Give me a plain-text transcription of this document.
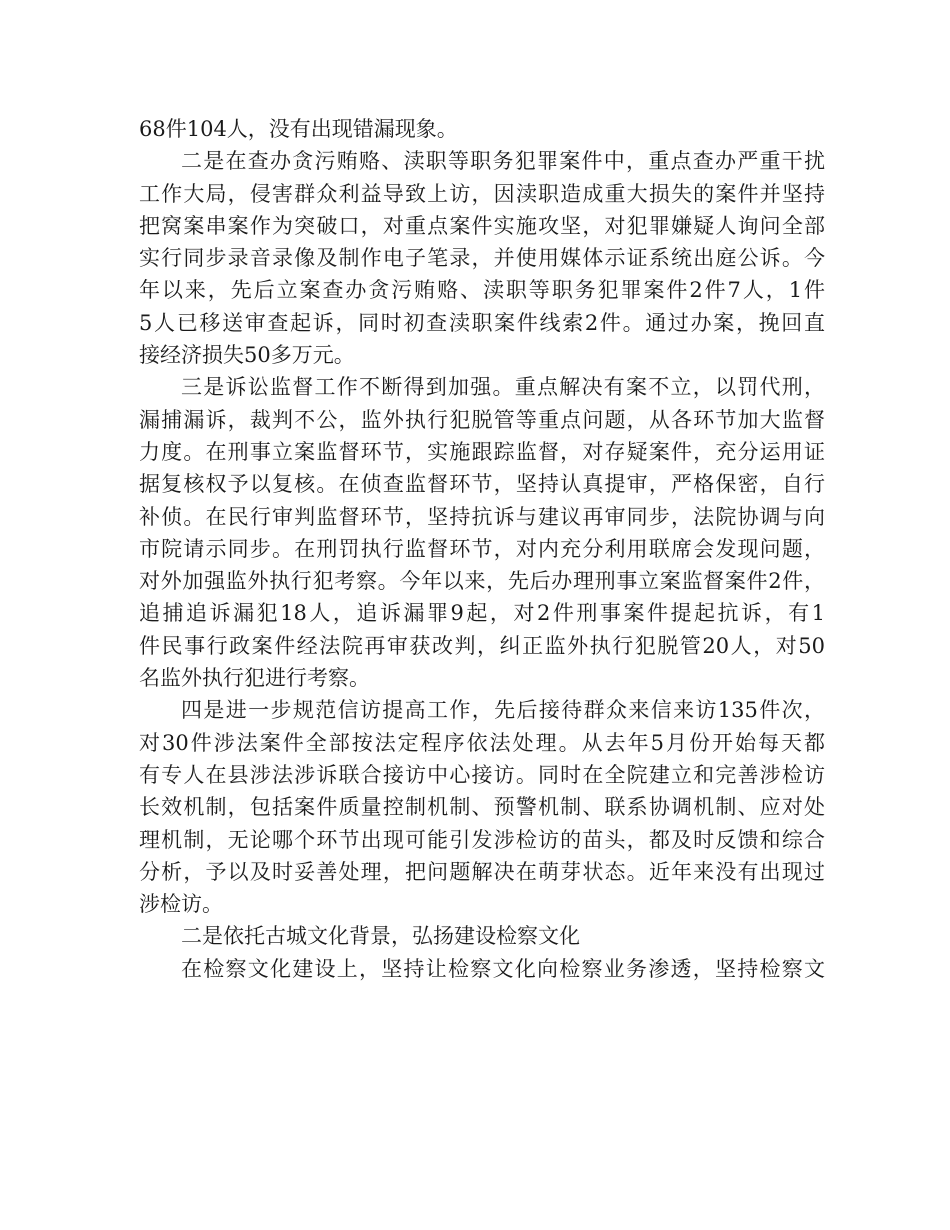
68件104人，没有出现错漏现象。

二是在查办贪污贿赂、渎职等职务犯罪案件中，重点查办严重干扰
工作大局，侵害群众利益导致上访，因渎职造成重大损失的案件并坚持
把窝案串案作为突破口，对重点案件实施攻坚，对犯罪嫌疑人询问全部
实行同步录音录像及制作电子笔录，并使用媒体示证系统出庭公诉。今
年以来，先后立案查办贪污贿赂、渎职等职务犯罪案件2件7人，1件
5人已移送审查起诉，同时初查渎职案件线索2件。通过办案，挽回直
接经济损失50多万元。

三是诉讼监督工作不断得到加强。重点解决有案不立，以罚代刑，
漏捕漏诉，裁判不公，监外执行犯脱管等重点问题，从各环节加大监督
力度。在刑事立案监督环节，实施跟踪监督，对存疑案件，充分运用证
据复核权予以复核。在侦查监督环节，坚持认真提审，严格保密，自行
补侦。在民行审判监督环节，坚持抗诉与建议再审同步，法院协调与向
市院请示同步。在刑罚执行监督环节，对内充分利用联席会发现问题，
对外加强监外执行犯考察。今年以来，先后办理刑事立案监督案件2件，
追捕追诉漏犯18人，追诉漏罪9起，对2件刑事案件提起抗诉，有1
件民事行政案件经法院再审获改判，纠正监外执行犯脱管20人，对50
名监外执行犯进行考察。

四是进一步规范信访提高工作，先后接待群众来信来访135件次，
对30件涉法案件全部按法定程序依法处理。从去年5月份开始每天都
有专人在县涉法涉诉联合接访中心接访。同时在全院建立和完善涉检访
长效机制，包括案件质量控制机制、预警机制、联系协调机制、应对处
理机制，无论哪个环节出现可能引发涉检访的苗头，都及时反馈和综合
分析，予以及时妥善处理，把问题解决在萌芽状态。近年来没有出现过
涉检访。

二是依托古城文化背景，弘扬建设检察文化

在检察文化建设上，坚持让检察文化向检察业务渗透，坚持检察文
